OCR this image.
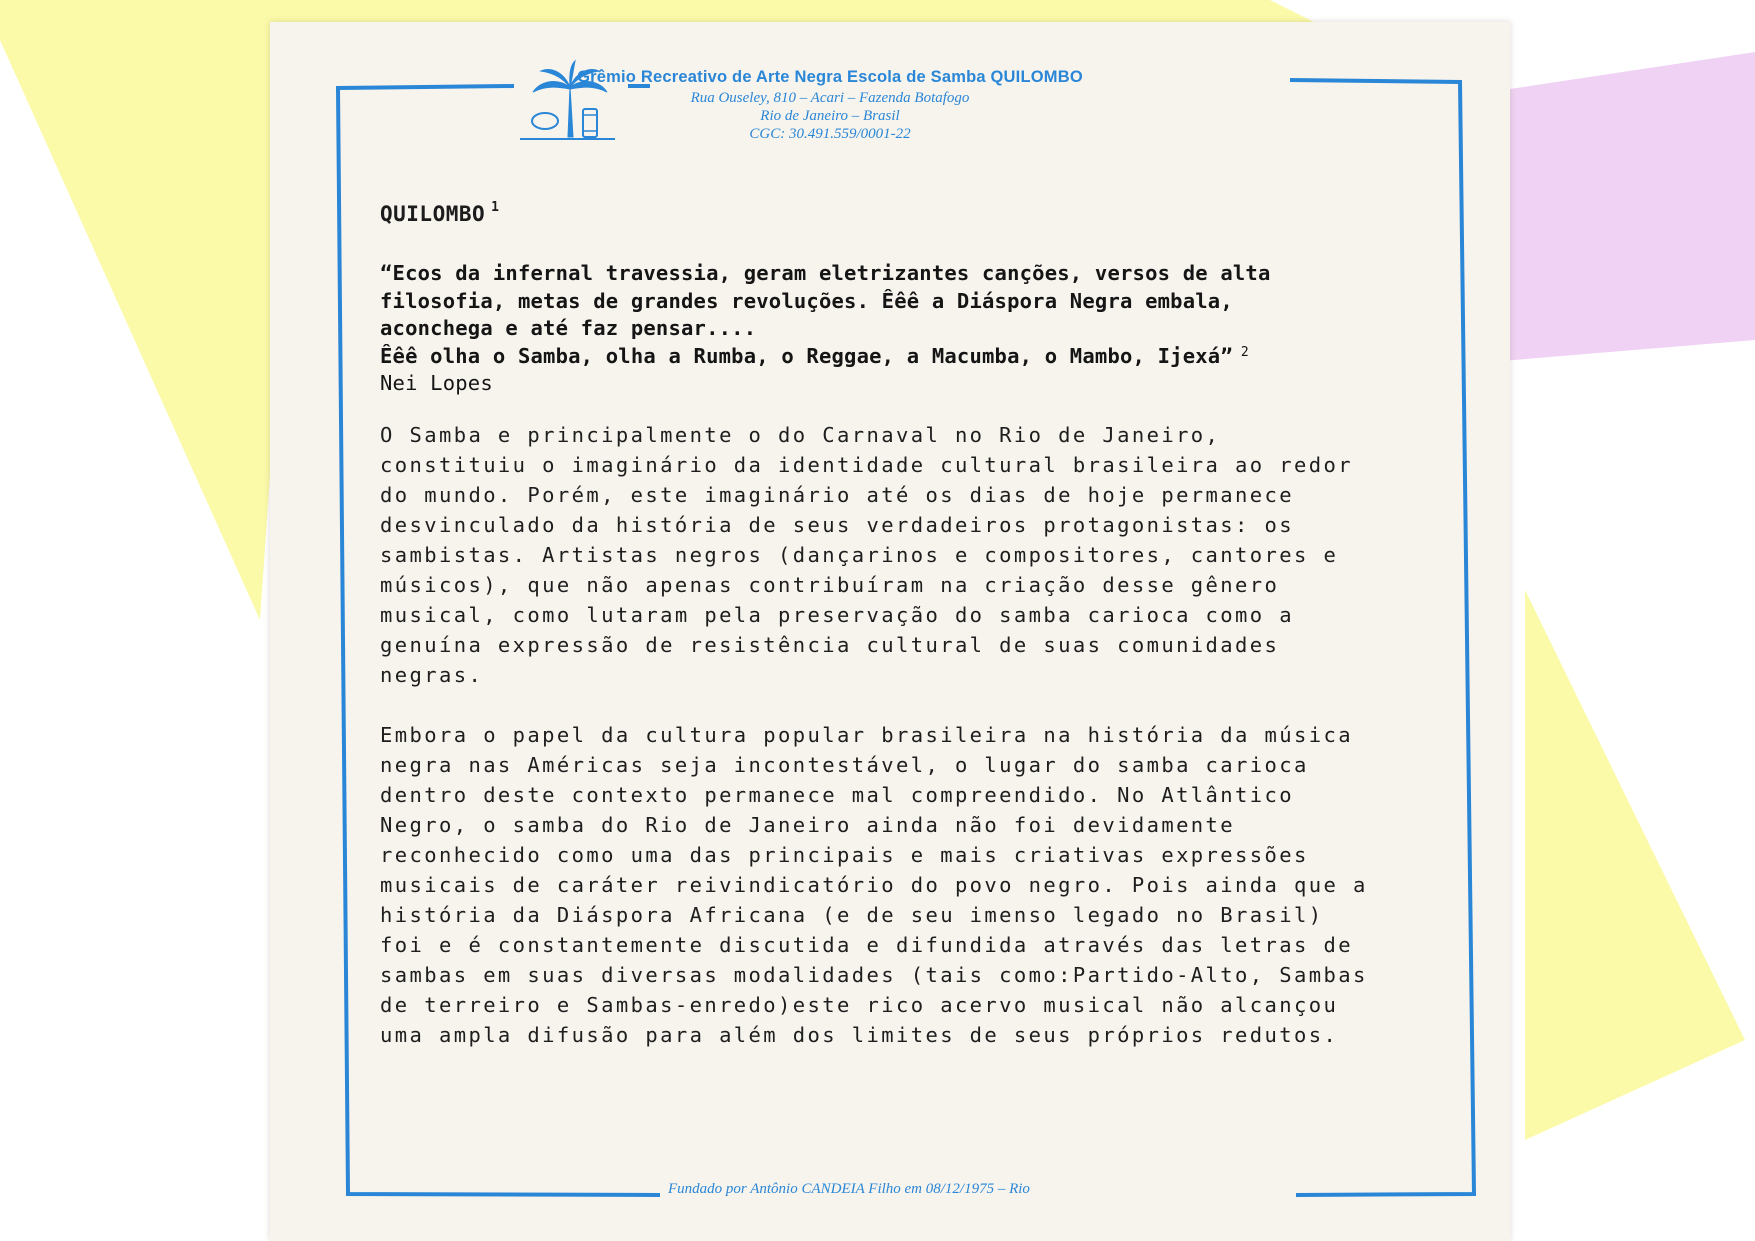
Grêmio Recreativo de Arte Negra Escola de Samba QUILOMBO
Rua Ouseley, 810 – Acari – Fazenda Botafogo
Rio de Janeiro – Brasil
CGC: 30.491.559/0001-22
QUILOMBO $^1$

“Ecos da infernal travessia, geram eletrizantes canções, versos de alta

filosofia, metas de grandes revoluções. Êêê a Diáspora Negra embala,

aconchega e até faz pensar....

Êêê olha o Samba, olha a Rumba, o Reggae, a Macumba, o Mambo, Ijexá” $^2$

Nei Lopes

O Samba e principalmente o do Carnaval no Rio de Janeiro,
constituiu o imaginário da identidade cultural brasileira ao redor
do mundo. Porém, este imaginário até os dias de hoje permanece
desvinculado da história de seus verdadeiros protagonistas: os
sambistas. Artistas negros (dançarinos e compositores, cantores e
músicos), que não apenas contribuíram na criação desse gênero
musical, como lutaram pela preservação do samba carioca como a
genuína expressão de resistência cultural de suas comunidades
negras.

Embora o papel da cultura popular brasileira na história da música
negra nas Américas seja incontestável, o lugar do samba carioca
dentro deste contexto permanece mal compreendido. No Atlântico
Negro, o samba do Rio de Janeiro ainda não foi devidamente
reconhecido como uma das principais e mais criativas expressões
musicais de caráter reivindicatório do povo negro. Pois ainda que a
história da Diáspora Africana (e de seu imenso legado no Brasil)
foi e é constantemente discutida e difundida através das letras de
sambas em suas diversas modalidades (tais como:Partido-Alto, Sambas
de terreiro e Sambas-enredo)este rico acervo musical não alcançou
uma ampla difusão para além dos limites de seus próprios redutos.

Fundado por Antônio CANDEIA Filho em 08/12/1975 – Rio
